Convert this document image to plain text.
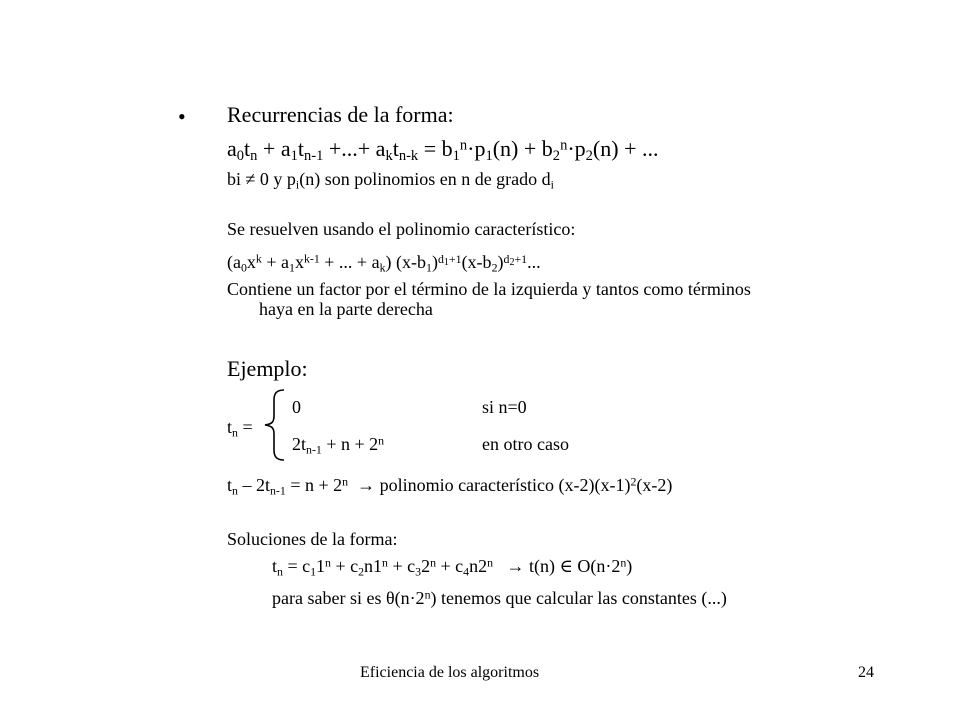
• Recurrencias de la forma:
$a_0t_n + a_1t_{n-1}$ +...+ $a_kt_{n-k} = b_1^n\cdot p_1(n) + b_2^n\cdot p_2(n)$ + ...
bi ≠ 0 y $p_i(n)$ son polinomios en n de grado $d_i$
Se resuelven usando el polinomio característico:
($a_0x^k + a_1x^{k-1}$ + ... + $a_k$) $(x-b_1)^{d_1+1}(x-b_2)^{d_2+1}$...
Contiene un factor por el término de la izquierda y tantos como términos
haya en la parte derecha
Ejemplo:
$t_n$ =
0	si n=0
$2t_{n-1} + n + 2^n$	en otro caso
$t_n - 2t_{n-1} = n + 2^n$ → polinomio característico $(x-2)(x-1)^2(x-2)$
Soluciones de la forma:
$t_n = c_11^n + c_2n1^n + c_32^n + c_4n2^n \to t(n)$ ∈ $O(n\cdot 2^n)$
para saber si es $\theta(n\cdot 2^n)$ tenemos que calcular las constantes (...)
Eficiencia de los algoritmos	24
